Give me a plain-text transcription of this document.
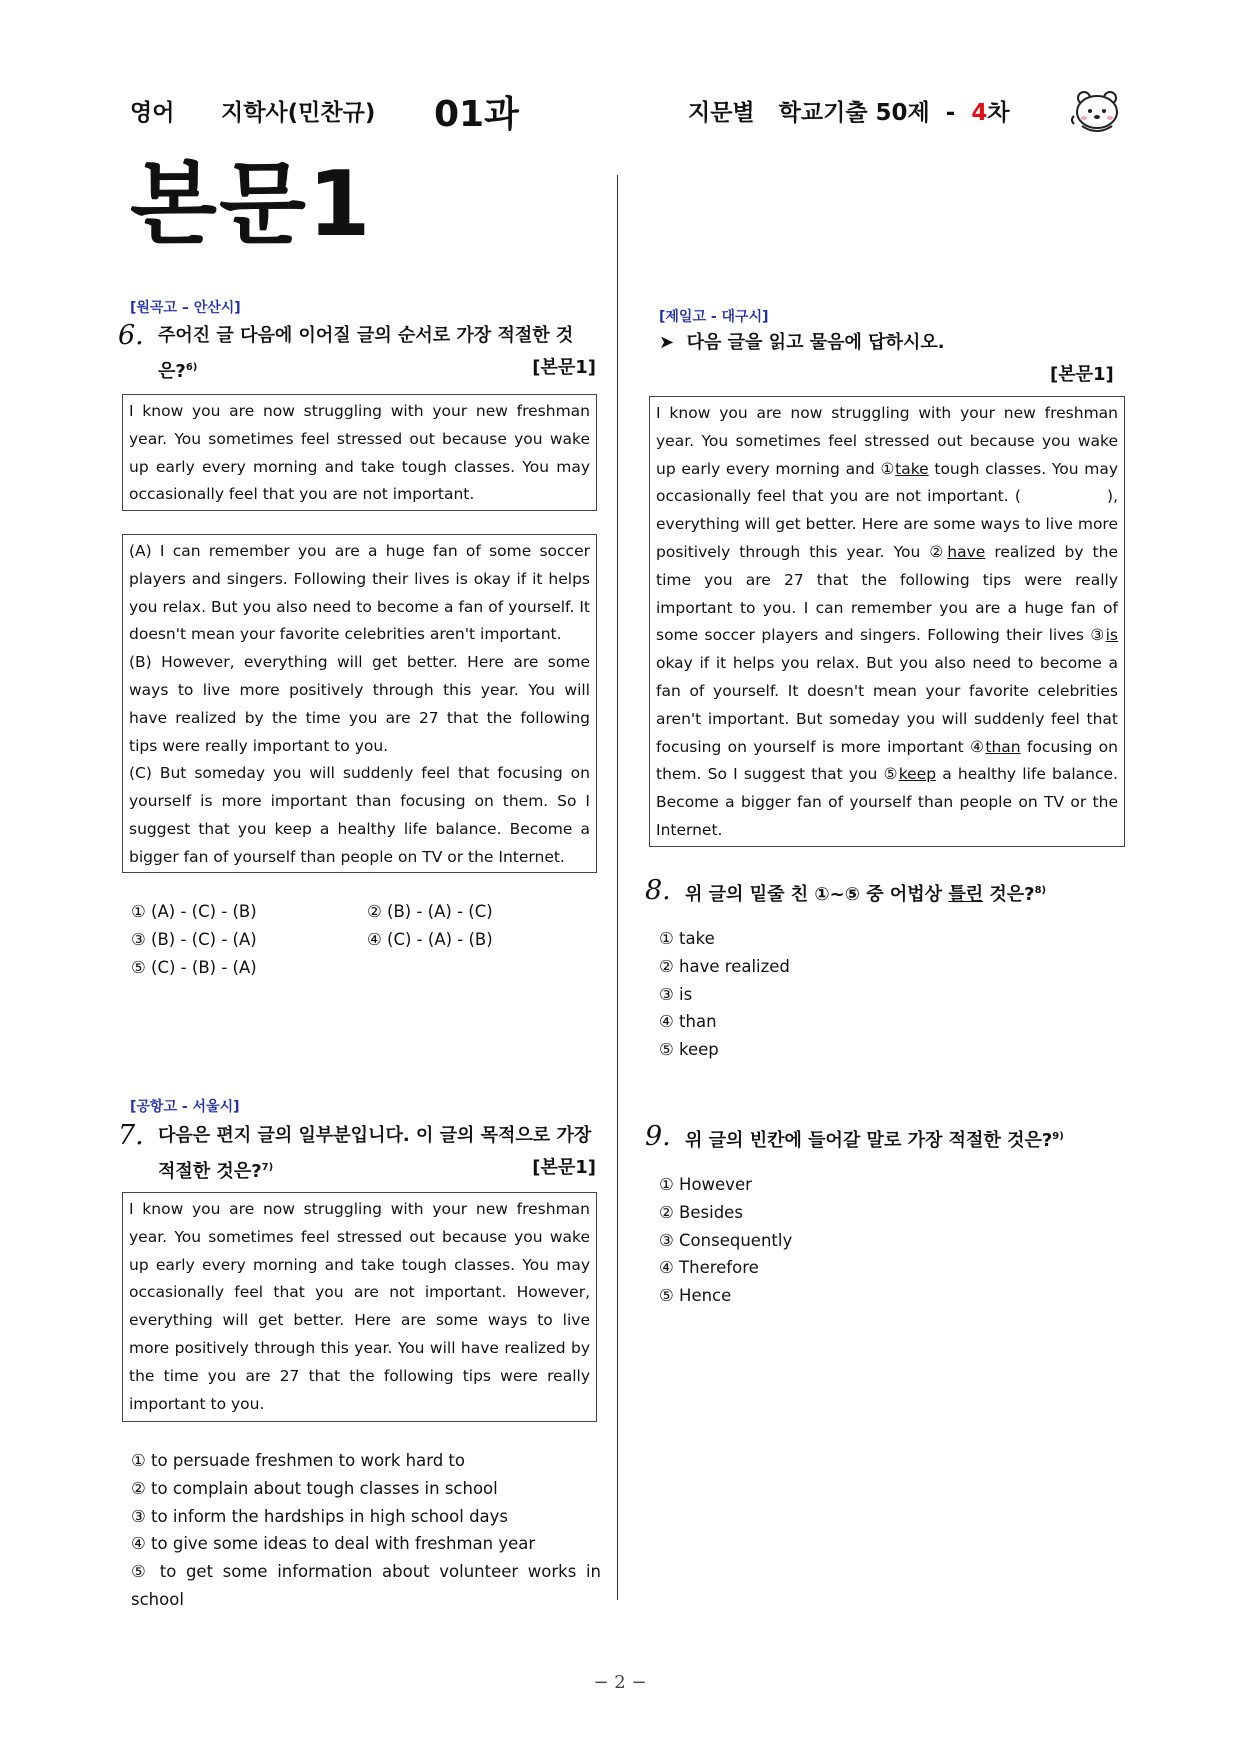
영어 지학사(민찬규) 01과	지문별   학교기출 50제 - 4차
본문1
[원곡고 – 안산시]
6. 주어진 글 다음에 이어질 글의 순서로 가장 적절한 것
은?$^{6)}$	[본문1]
I know you are now struggling with your new freshman year. You sometimes feel stressed out because you wake up early every morning and take tough classes. You may occasionally feel that you are not important.
(A) I can remember you are a huge fan of some soccer players and singers. Following their lives is okay if it helps you relax. But you also need to become a fan of yourself. It doesn't mean your favorite celebrities aren't important.
(B) However, everything will get better. Here are some ways to live more positively through this year. You will have realized by the time you are 27 that the following tips were really important to you.
(C) But someday you will suddenly feel that focusing on yourself is more important than focusing on them. So I suggest that you keep a healthy life balance. Become a bigger fan of yourself than people on TV or the Internet.
① (A) - (C) - (B)	② (B) - (A) - (C)
③ (B) - (C) - (A)	④ (C) - (A) - (B)
⑤ (C) - (B) - (A)
[공항고 - 서울시]
7. 다음은 편지 글의 일부분입니다. 이 글의 목적으로 가장
적절한 것은?$^{7)}$	[본문1]
I know you are now struggling with your new freshman year. You sometimes feel stressed out because you wake up early every morning and take tough classes. You may occasionally feel that you are not important. However, everything will get better. Here are some ways to live more positively through this year. You will have realized by the time you are 27 that the following tips were really important to you.
① to persuade freshmen to work hard to
② to complain about tough classes in school
③ to inform the hardships in high school days
④ to give some ideas to deal with freshman year
⑤ to get some information about volunteer works in school
[제일고 - 대구시]
➤  다음 글을 읽고 물음에 답하시오.
[본문1]
I know you are now struggling with your new freshman year. You sometimes feel stressed out because you wake up early every morning and ①take tough classes. You may occasionally feel that you are not important. (              ), everything will get better. Here are some ways to live more positively through this year. You ②have realized by the time you are 27 that the following tips were really important to you. I can remember you are a huge fan of some soccer players and singers. Following their lives ③is okay if it helps you relax. But you also need to become a fan of yourself. It doesn't mean your favorite celebrities aren't important. But someday you will suddenly feel that focusing on yourself is more important ④than focusing on them. So I suggest that you ⑤keep a healthy life balance. Become a bigger fan of yourself than people on TV or the Internet.
8. 위 글의 밑줄 친 ①~⑤ 중 어법상 틀린 것은?$^{8)}$
① take
② have realized
③ is
④ than
⑤ keep
9. 위 글의 빈칸에 들어갈 말로 가장 적절한 것은?$^{9)}$
① However
② Besides
③ Consequently
④ Therefore
⑤ Hence
− 2 −
